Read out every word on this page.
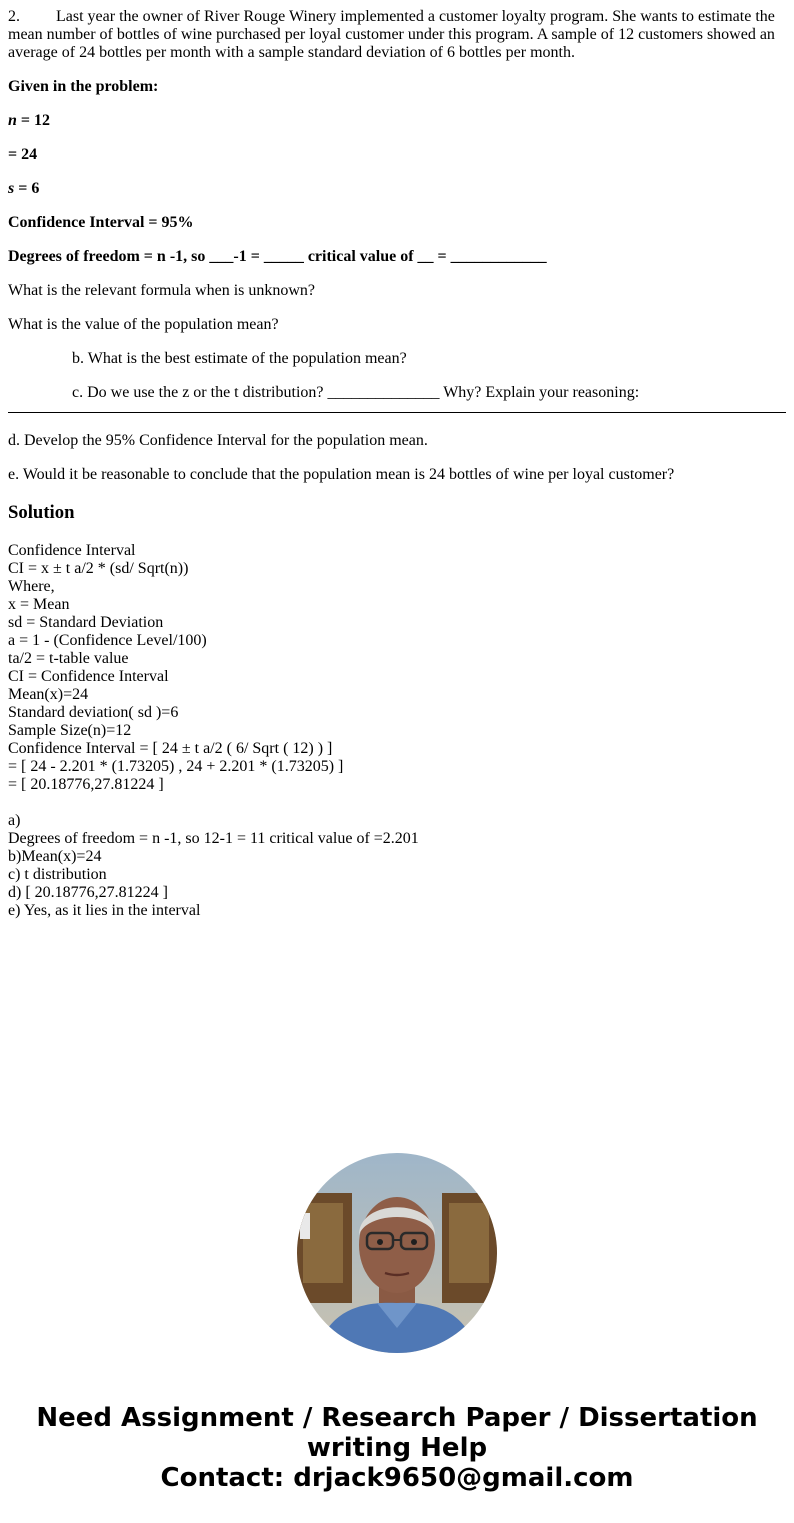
2. Last year the owner of River Rouge Winery implemented a customer loyalty program. She wants to estimate the mean number of bottles of wine purchased per loyal customer under this program. A sample of 12 customers showed an average of 24 bottles per month with a sample standard deviation of 6 bottles per month.

Given in the problem:

n = 12

= 24

s = 6

Confidence Interval = 95%

Degrees of freedom = n -1, so ___-1 = _____ critical value of __ = ____________

What is the relevant formula when is unknown?

What is the value of the population mean?

b. What is the best estimate of the population mean?

c. Do we use the z or the t distribution? ______________ Why? Explain your reasoning:

d. Develop the 95% Confidence Interval for the population mean.

e. Would it be reasonable to conclude that the population mean is 24 bottles of wine per loyal customer?

Solution
Confidence Interval
CI = x ± t a/2 * (sd/ Sqrt(n))
Where,
x = Mean
sd = Standard Deviation
a = 1 - (Confidence Level/100)
ta/2 = t-table value
CI = Confidence Interval
Mean(x)=24
Standard deviation( sd )=6
Sample Size(n)=12
Confidence Interval = [ 24 ± t a/2 ( 6/ Sqrt ( 12) ) ]
= [ 24 - 2.201 * (1.73205) , 24 + 2.201 * (1.73205) ]
= [ 20.18776,27.81224 ]
a)
Degrees of freedom = n -1, so 12-1 = 11 critical value of =2.201
b)Mean(x)=24
c) t distribution
d) [ 20.18776,27.81224 ]
e) Yes, as it lies in the interval
Need Assignment / Research Paper / Dissertation
writing Help
Contact: drjack9650@gmail.com
